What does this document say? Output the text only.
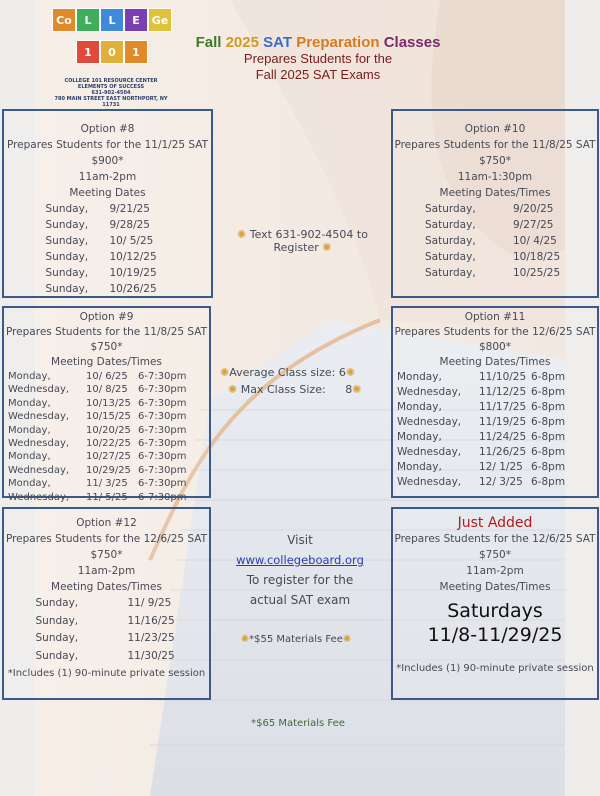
Co L L E Ge
1 0 1
COLLEGE 101 RESOURCE CENTER
ELEMENTS OF SUCCESS
631-902-4504
780 MAIN STREET EAST NORTHPORT, NY 11731
Fall 2025 SAT Preparation Classes
Prepares Students for the
Fall 2025 SAT Exams
Option #8
Prepares Students for the 11/1/25 SAT
$900*
11am-2pm
Meeting Dates
Sunday,	9/21/25
Sunday,	9/28/25
Sunday,	10/ 5/25
Sunday,	10/12/25
Sunday,	10/19/25
Sunday,	10/26/25
Option #10
Prepares Students for the 11/8/25 SAT
$750*
11am-1:30pm
Meeting Dates/Times
Saturday,	9/20/25
Saturday,	9/27/25
Saturday,	10/ 4/25
Saturday,	10/18/25
Saturday,	10/25/25
✺ Text 631-902-4504 to Register ✺
Option #9
Prepares Students for the 11/8/25 SAT
$750*
Meeting Dates/Times
Monday,	10/ 6/25	6-7:30pm
Wednesday,	10/ 8/25	6-7:30pm
Monday,	10/13/25 6-7:30pm
Wednesday,	10/15/25 6-7:30pm
Monday,	10/20/25 6-7:30pm
Wednesday,	10/22/25 6-7:30pm
Monday,	10/27/25 6-7:30pm
Wednesday,	10/29/25 6-7:30pm
Monday,	11/ 3/25	6-7:30pm
Wednesday,	11/ 5/25	6-7:30pm
✺Average Class size: 6✺
✺ Max Class Size: 8✺
Option #11
Prepares Students for the 12/6/25 SAT
$800*
Meeting Dates/Times
Monday,	11/10/25 6-8pm
Wednesday,	11/12/25 6-8pm
Monday,	11/17/25 6-8pm
Wednesday,	11/19/25 6-8pm
Monday,	11/24/25 6-8pm
Wednesday,	11/26/25 6-8pm
Monday,	12/ 1/25 6-8pm
Wednesday,	12/ 3/25 6-8pm
Option #12
Prepares Students for the 12/6/25 SAT
$750*
11am-2pm
Meeting Dates/Times
Sunday,	11/ 9/25
Sunday,	11/16/25
Sunday,	11/23/25
Sunday,	11/30/25
*Includes (1) 90-minute private session
Visit
www.collegeboard.org
To register for the
actual SAT exam
✺*$55 Materials Fee✺
*$65 Materials Fee
Just Added
Prepares Students for the 12/6/25 SAT
$750*
11am-2pm
Meeting Dates/Times
Saturdays
11/8-11/29/25
*Includes (1) 90-minute private session
